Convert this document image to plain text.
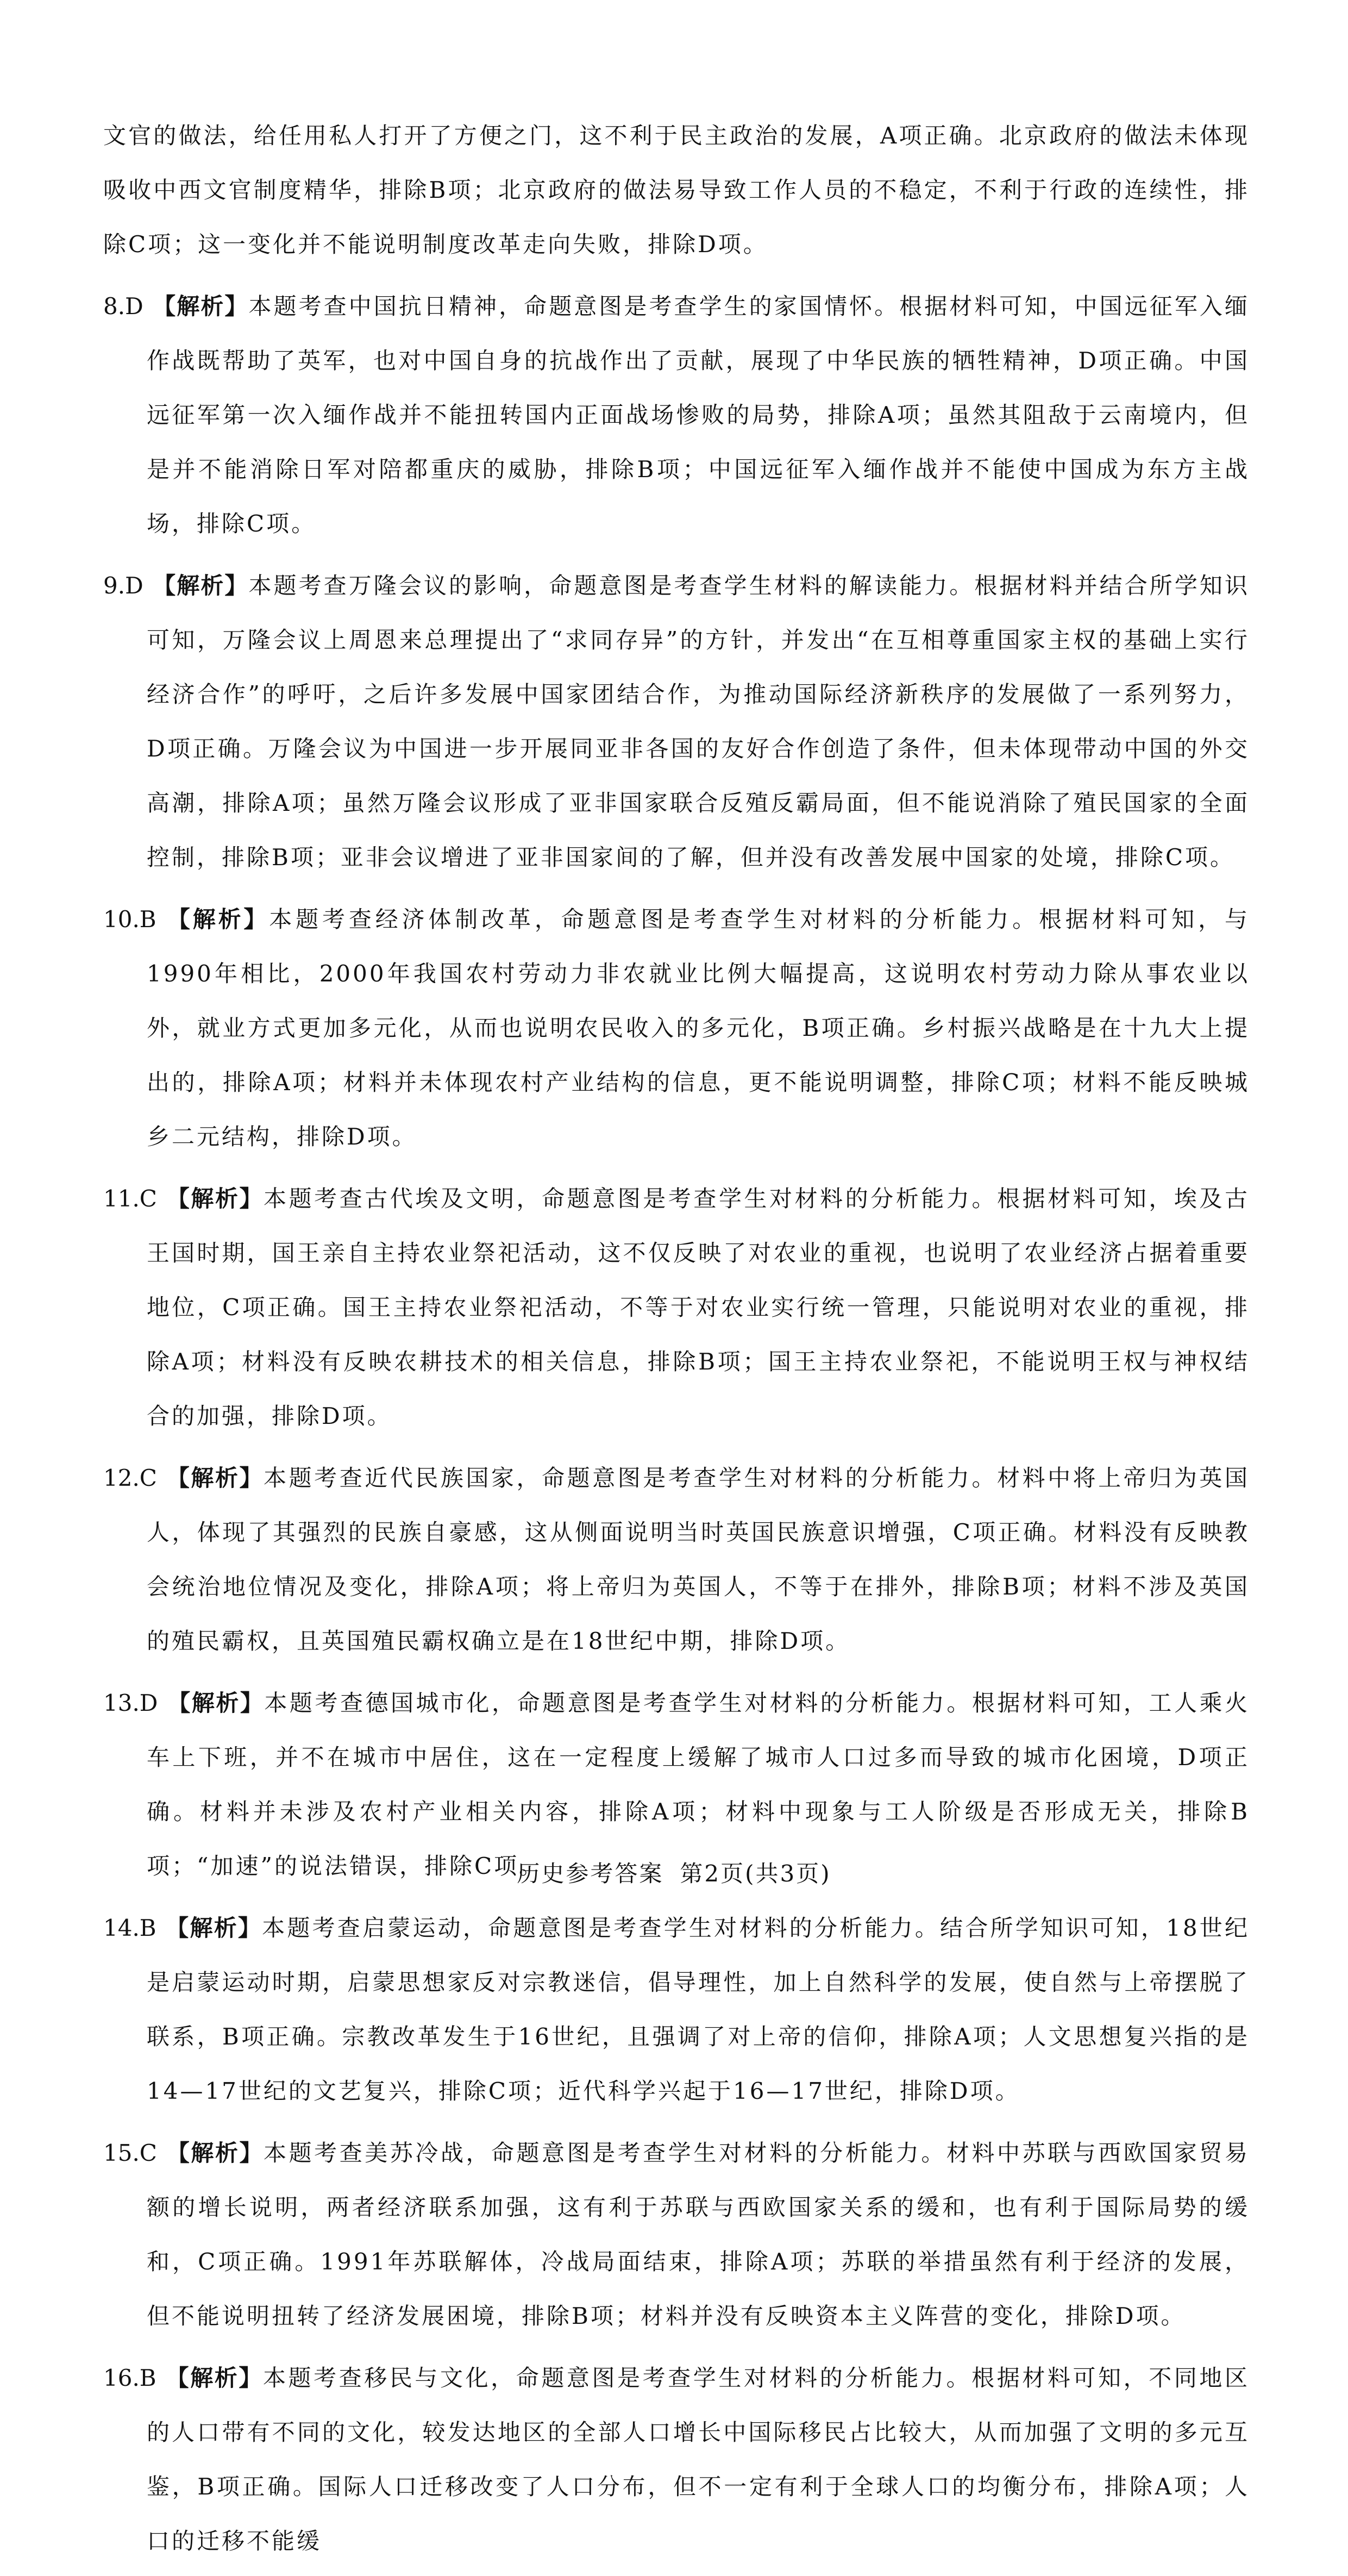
文官的做法，给任用私人打开了方便之门，这不利于民主政治的发展，A项正确。北京政府的做法未体现吸收中西文官制度精华，排除B项；北京政府的做法易导致工作人员的不稳定，不利于行政的连续性，排除C项；这一变化并不能说明制度改革走向失败，排除D项。

8.D 【解析】本题考查中国抗日精神，命题意图是考查学生的家国情怀。根据材料可知，中国远征军入缅作战既帮助了英军，也对中国自身的抗战作出了贡献，展现了中华民族的牺牲精神，D项正确。中国远征军第一次入缅作战并不能扭转国内正面战场惨败的局势，排除A项；虽然其阻敌于云南境内，但是并不能消除日军对陪都重庆的威胁，排除B项；中国远征军入缅作战并不能使中国成为东方主战场，排除C项。

9.D 【解析】本题考查万隆会议的影响，命题意图是考查学生材料的解读能力。根据材料并结合所学知识可知，万隆会议上周恩来总理提出了“求同存异”的方针，并发出“在互相尊重国家主权的基础上实行经济合作”的呼吁，之后许多发展中国家团结合作，为推动国际经济新秩序的发展做了一系列努力，D项正确。万隆会议为中国进一步开展同亚非各国的友好合作创造了条件，但未体现带动中国的外交高潮，排除A项；虽然万隆会议形成了亚非国家联合反殖反霸局面，但不能说消除了殖民国家的全面控制，排除B项；亚非会议增进了亚非国家间的了解，但并没有改善发展中国家的处境，排除C项。

10.B 【解析】本题考查经济体制改革，命题意图是考查学生对材料的分析能力。根据材料可知，与1990年相比，2000年我国农村劳动力非农就业比例大幅提高，这说明农村劳动力除从事农业以外，就业方式更加多元化，从而也说明农民收入的多元化，B项正确。乡村振兴战略是在十九大上提出的，排除A项；材料并未体现农村产业结构的信息，更不能说明调整，排除C项；材料不能反映城乡二元结构，排除D项。

11.C 【解析】本题考查古代埃及文明，命题意图是考查学生对材料的分析能力。根据材料可知，埃及古王国时期，国王亲自主持农业祭祀活动，这不仅反映了对农业的重视，也说明了农业经济占据着重要地位，C项正确。国王主持农业祭祀活动，不等于对农业实行统一管理，只能说明对农业的重视，排除A项；材料没有反映农耕技术的相关信息，排除B项；国王主持农业祭祀，不能说明王权与神权结合的加强，排除D项。

12.C 【解析】本题考查近代民族国家，命题意图是考查学生对材料的分析能力。材料中将上帝归为英国人，体现了其强烈的民族自豪感，这从侧面说明当时英国民族意识增强，C项正确。材料没有反映教会统治地位情况及变化，排除A项；将上帝归为英国人，不等于在排外，排除B项；材料不涉及英国的殖民霸权，且英国殖民霸权确立是在18世纪中期，排除D项。

13.D 【解析】本题考查德国城市化，命题意图是考查学生对材料的分析能力。根据材料可知，工人乘火车上下班，并不在城市中居住，这在一定程度上缓解了城市人口过多而导致的城市化困境，D项正确。材料并未涉及农村产业相关内容，排除A项；材料中现象与工人阶级是否形成无关，排除B项；“加速”的说法错误，排除C项。

14.B 【解析】本题考查启蒙运动，命题意图是考查学生对材料的分析能力。结合所学知识可知，18世纪是启蒙运动时期，启蒙思想家反对宗教迷信，倡导理性，加上自然科学的发展，使自然与上帝摆脱了联系，B项正确。宗教改革发生于16世纪，且强调了对上帝的信仰，排除A项；人文思想复兴指的是14—17世纪的文艺复兴，排除C项；近代科学兴起于16—17世纪，排除D项。

15.C 【解析】本题考查美苏冷战，命题意图是考查学生对材料的分析能力。材料中苏联与西欧国家贸易额的增长说明，两者经济联系加强，这有利于苏联与西欧国家关系的缓和，也有利于国际局势的缓和，C项正确。1991年苏联解体，冷战局面结束，排除A项；苏联的举措虽然有利于经济的发展，但不能说明扭转了经济发展困境，排除B项；材料并没有反映资本主义阵营的变化，排除D项。

16.B 【解析】本题考查移民与文化，命题意图是考查学生对材料的分析能力。根据材料可知，不同地区的人口带有不同的文化，较发达地区的全部人口增长中国际移民占比较大，从而加强了文明的多元互鉴，B项正确。国际人口迁移改变了人口分布，但不一定有利于全球人口的均衡分布，排除A项；人口的迁移不能缓

历史参考答案 第2页(共3页)
